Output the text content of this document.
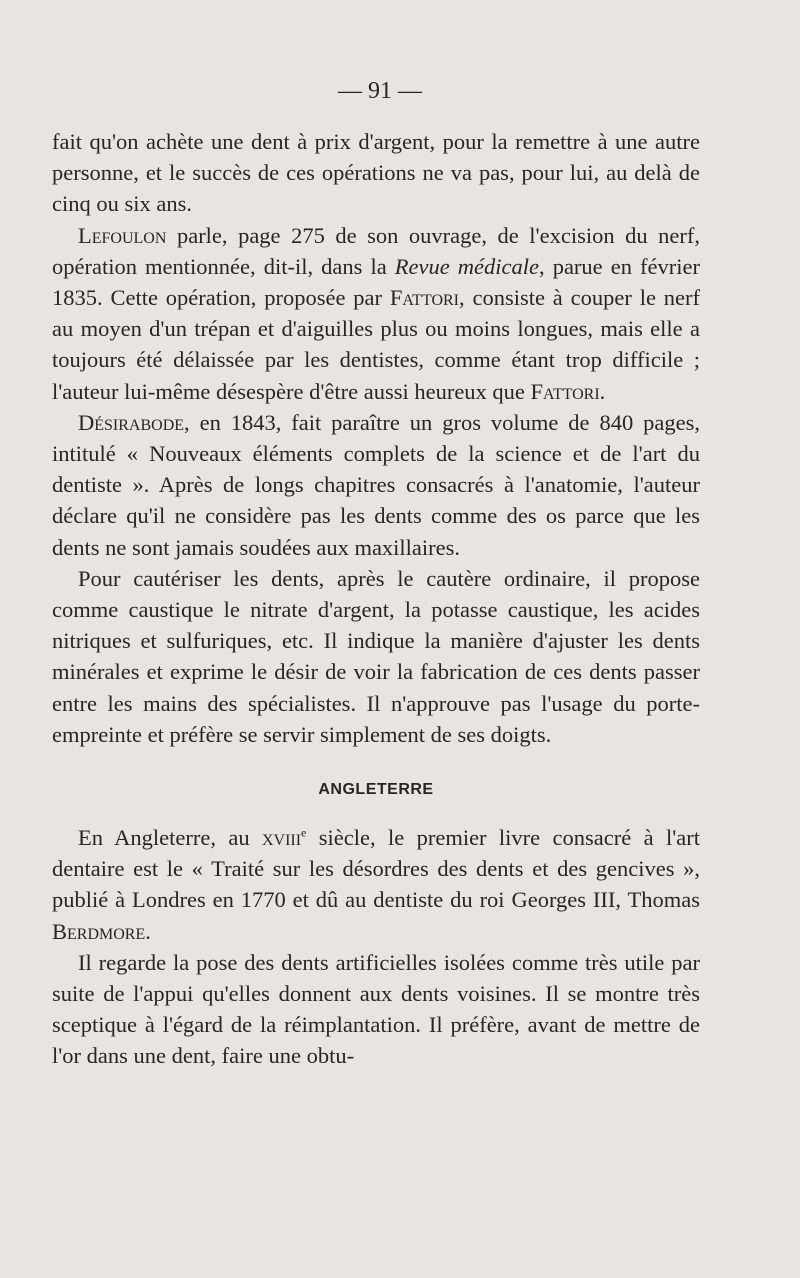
— 91 —

fait qu'on achète une dent à prix d'argent, pour la remettre à une autre personne, et le succès de ces opérations ne va pas, pour lui, au delà de cinq ou six ans.

Lefoulon parle, page 275 de son ouvrage, de l'excision du nerf, opération mentionnée, dit-il, dans la Revue médicale, parue en février 1835. Cette opération, proposée par Fattori, consiste à couper le nerf au moyen d'un trépan et d'aiguilles plus ou moins longues, mais elle a toujours été délaissée par les dentistes, comme étant trop difficile ; l'auteur lui-même désespère d'être aussi heureux que Fattori.

Désirabode, en 1843, fait paraître un gros volume de 840 pages, intitulé « Nouveaux éléments complets de la science et de l'art du dentiste ». Après de longs chapitres consacrés à l'anatomie, l'auteur déclare qu'il ne considère pas les dents comme des os parce que les dents ne sont jamais soudées aux maxillaires.

Pour cautériser les dents, après le cautère ordinaire, il propose comme caustique le nitrate d'argent, la potasse caustique, les acides nitriques et sulfuriques, etc. Il indique la manière d'ajuster les dents minérales et exprime le désir de voir la fabrication de ces dents passer entre les mains des spécialistes. Il n'approuve pas l'usage du porte-empreinte et préfère se servir simplement de ses doigts.

ANGLETERRE

En Angleterre, au xviii$^e$ siècle, le premier livre consacré à l'art dentaire est le « Traité sur les désordres des dents et des gencives », publié à Londres en 1770 et dû au dentiste du roi Georges III, Thomas Berdmore.

Il regarde la pose des dents artificielles isolées comme très utile par suite de l'appui qu'elles donnent aux dents voisines. Il se montre très sceptique à l'égard de la réimplantation. Il préfère, avant de mettre de l'or dans une dent, faire une obtu-
